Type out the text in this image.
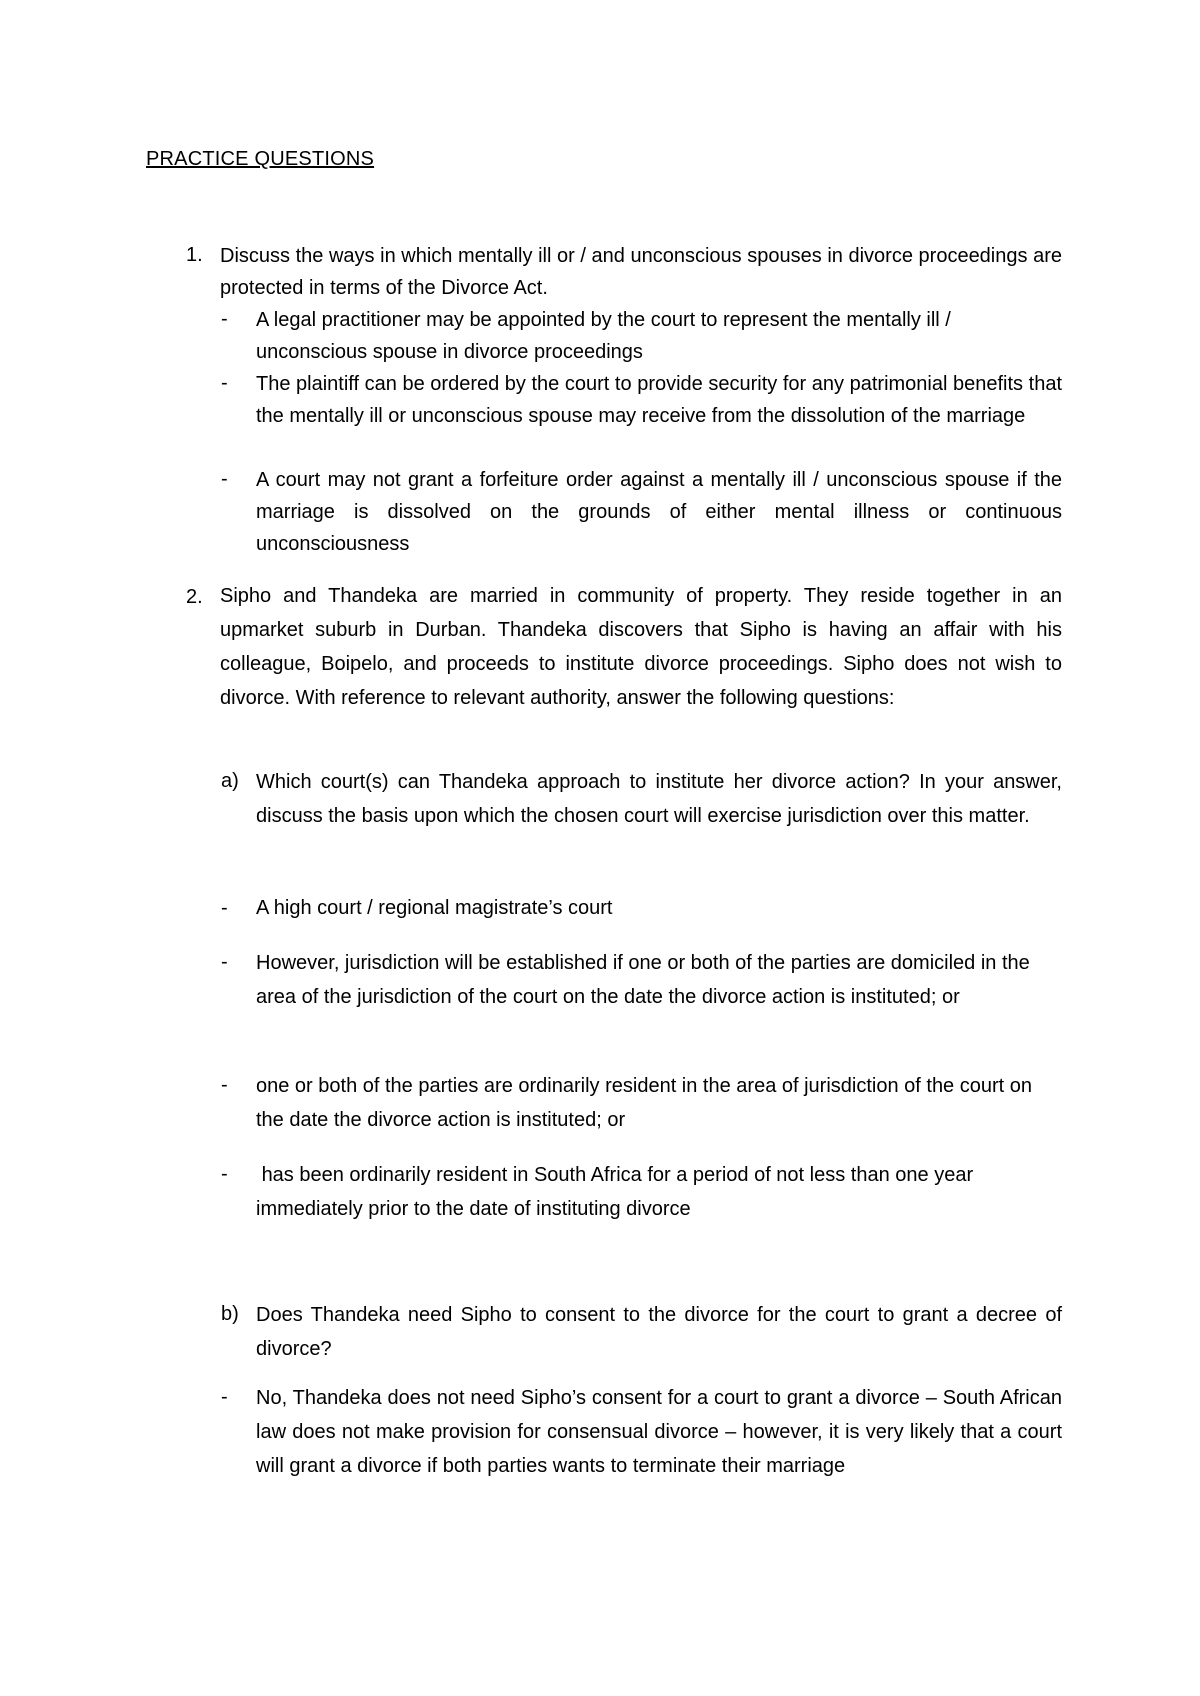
PRACTICE QUESTIONS
1. Discuss the ways in which mentally ill or / and unconscious spouses in divorce proceedings are protected in terms of the Divorce Act.
- A legal practitioner may be appointed by the court to represent the mentally ill / unconscious spouse in divorce proceedings
- The plaintiff can be ordered by the court to provide security for any patrimonial benefits that the mentally ill or unconscious spouse may receive from the dissolution of the marriage
- A court may not grant a forfeiture order against a mentally ill / unconscious spouse if the marriage is dissolved on the grounds of either mental illness or continuous unconsciousness
2. Sipho and Thandeka are married in community of property. They reside together in an upmarket suburb in Durban. Thandeka discovers that Sipho is having an affair with his colleague, Boipelo, and proceeds to institute divorce proceedings. Sipho does not wish to divorce. With reference to relevant authority, answer the following questions:
a) Which court(s) can Thandeka approach to institute her divorce action? In your answer, discuss the basis upon which the chosen court will exercise jurisdiction over this matter.
- A high court / regional magistrate’s court
- However, jurisdiction will be established if one or both of the parties are domiciled in the area of the jurisdiction of the court on the date the divorce action is instituted; or
- one or both of the parties are ordinarily resident in the area of jurisdiction of the court on the date the divorce action is instituted; or
- has been ordinarily resident in South Africa for a period of not less than one year immediately prior to the date of instituting divorce
b) Does Thandeka need Sipho to consent to the divorce for the court to grant a decree of divorce?
- No, Thandeka does not need Sipho’s consent for a court to grant a divorce – South African law does not make provision for consensual divorce – however, it is very likely that a court will grant a divorce if both parties wants to terminate their marriage
